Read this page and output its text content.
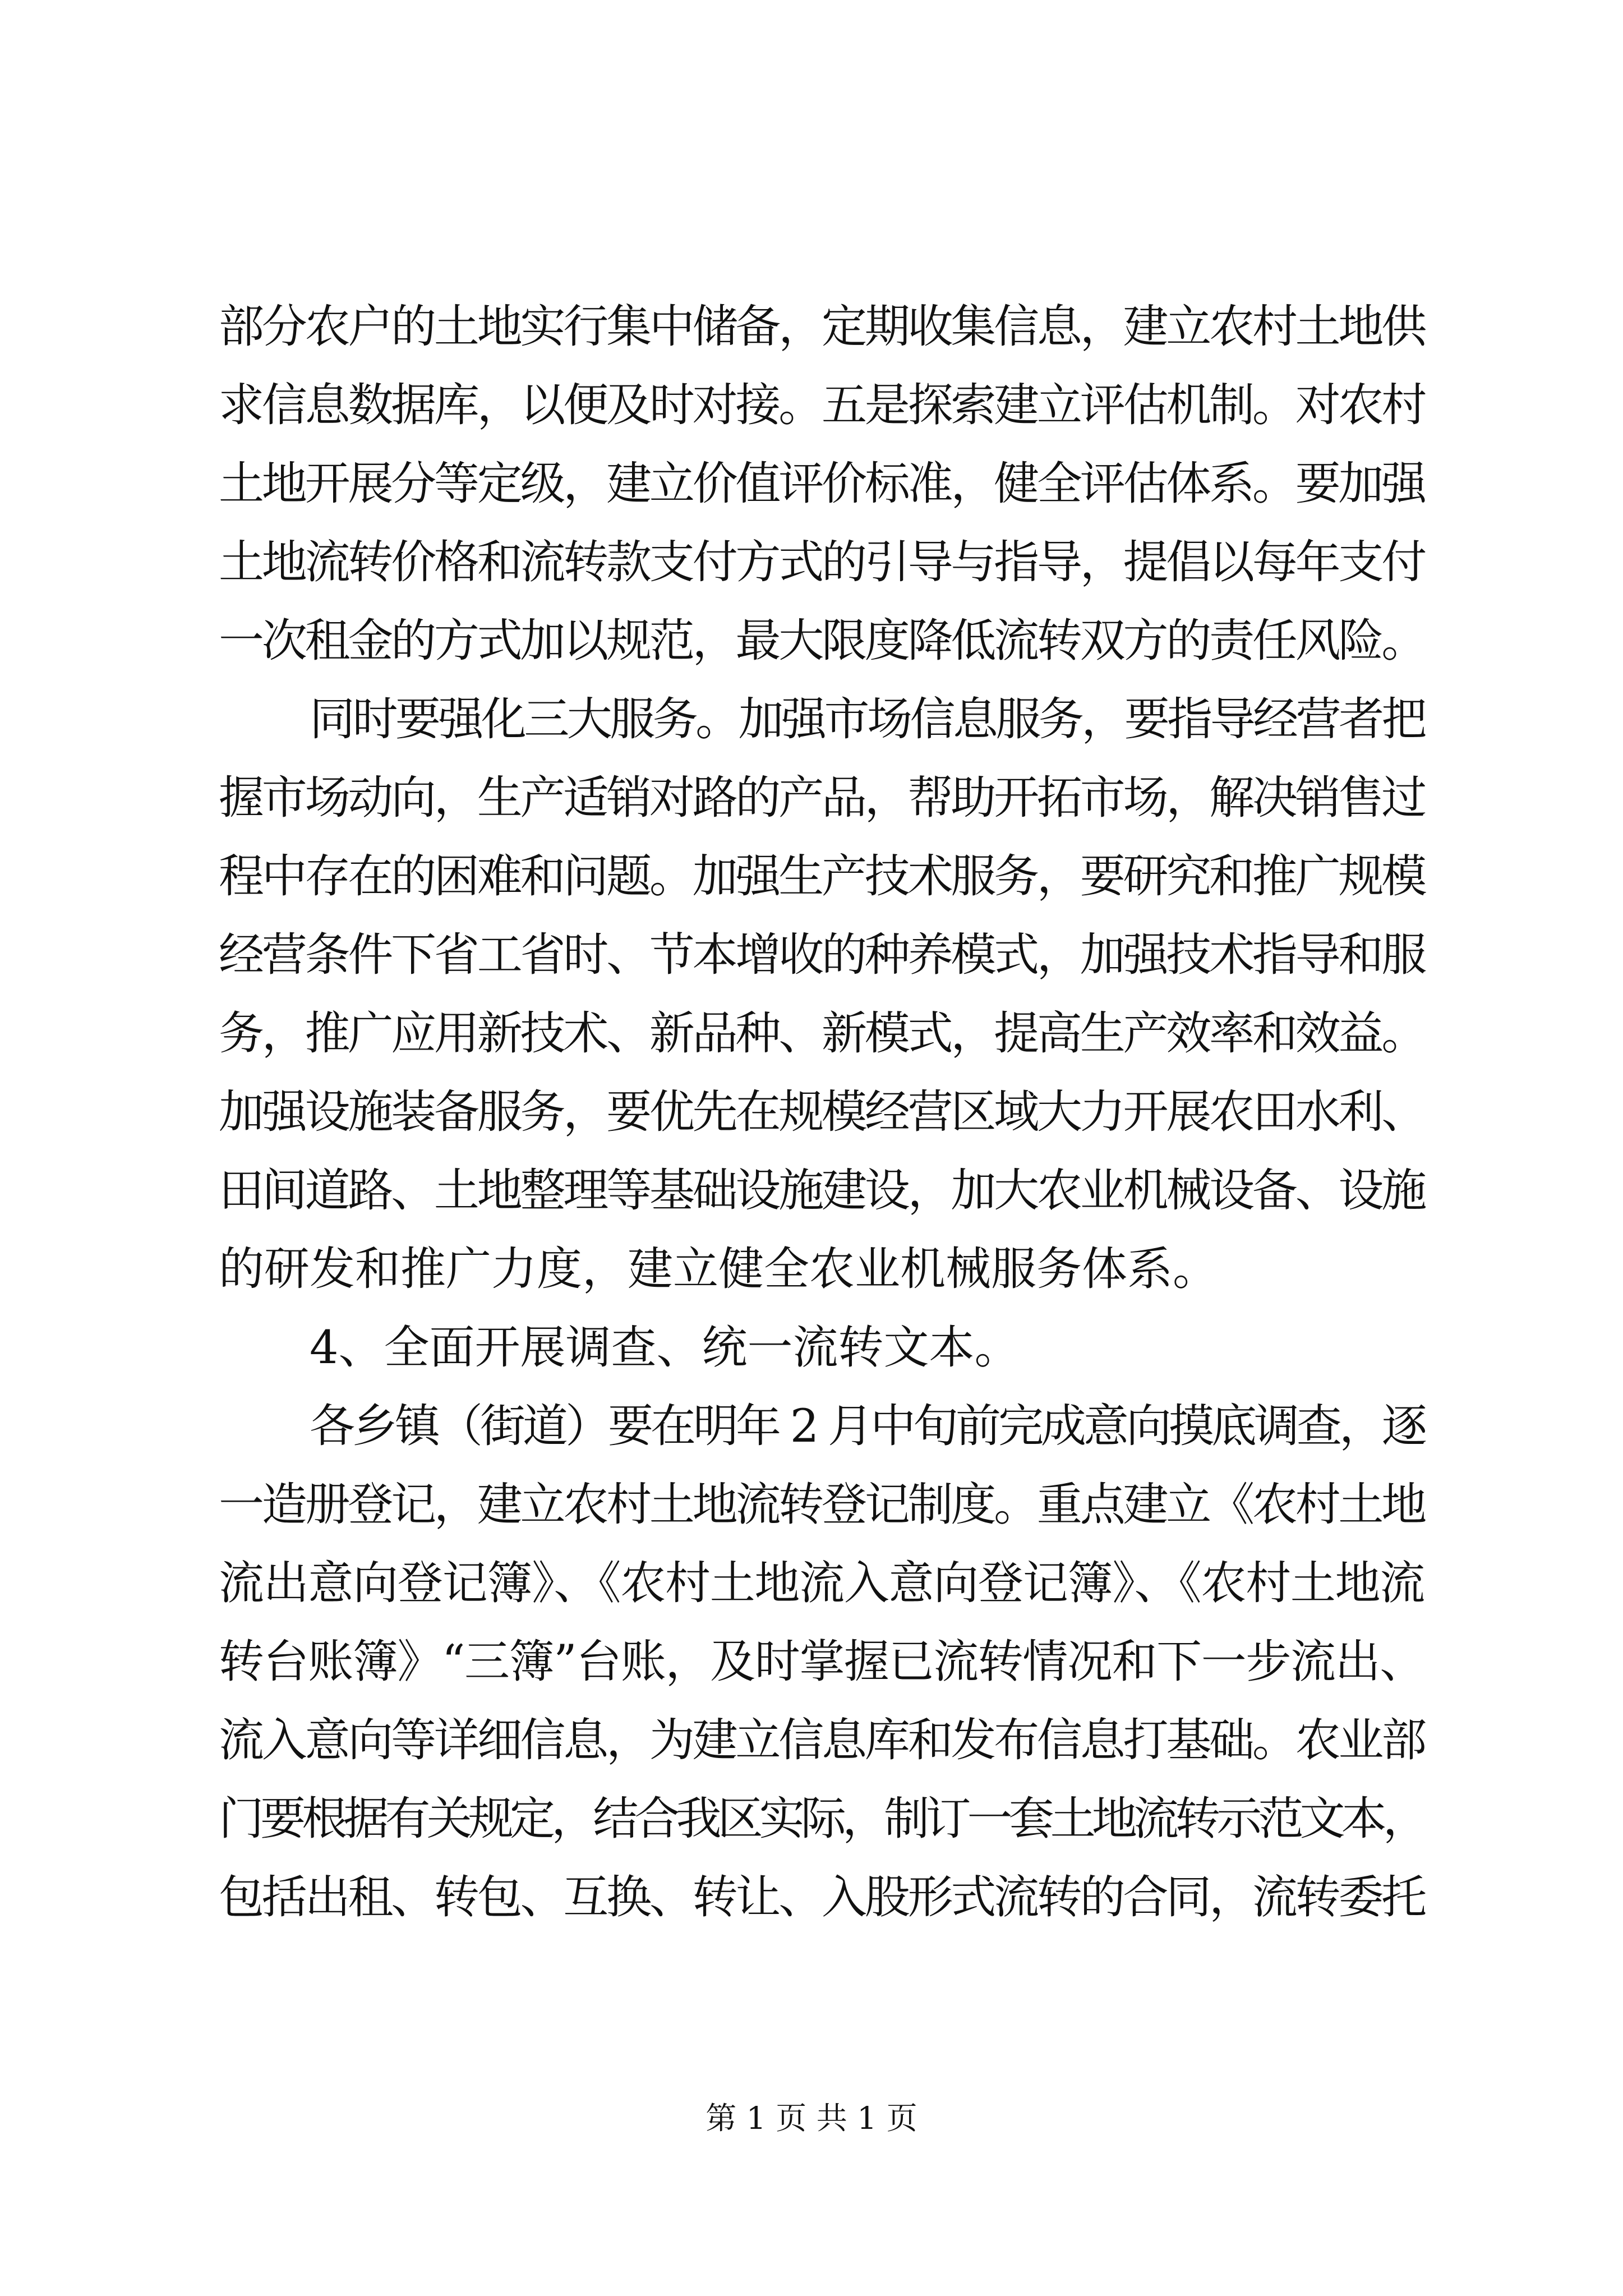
部分农户的土地实行集中储备，定期收集信息，建立农村土地供
求信息数据库，以便及时对接。五是探索建立评估机制。对农村
土地开展分等定级，建立价值评价标准，健全评估体系。要加强
土地流转价格和流转款支付方式的引导与指导，提倡以每年支付
一次租金的方式加以规范，最大限度降低流转双方的责任风险。
同时要强化三大服务。加强市场信息服务，要指导经营者把
握市场动向，生产适销对路的产品，帮助开拓市场，解决销售过
程中存在的困难和问题。加强生产技术服务，要研究和推广规模
经营条件下省工省时、节本增收的种养模式，加强技术指导和服
务，推广应用新技术、新品种、新模式，提高生产效率和效益。
加强设施装备服务，要优先在规模经营区域大力开展农田水利、
田间道路、土地整理等基础设施建设，加大农业机械设备、设施
的研发和推广力度，建立健全农业机械服务体系。
4、全面开展调查、统一流转文本。
各乡镇（街道）要在明年 2 月中旬前完成意向摸底调查，逐
一造册登记，建立农村土地流转登记制度。重点建立《农村土地
流出意向登记簿》、《农村土地流入意向登记簿》、《农村土地流
转台账簿》“三簿”台账，及时掌握已流转情况和下一步流出、
流入意向等详细信息，为建立信息库和发布信息打基础。农业部
门要根据有关规定，结合我区实际，制订一套土地流转示范文本，
包括出租、转包、互换、转让、入股形式流转的合同，流转委托
第 1 页 共 1 页
